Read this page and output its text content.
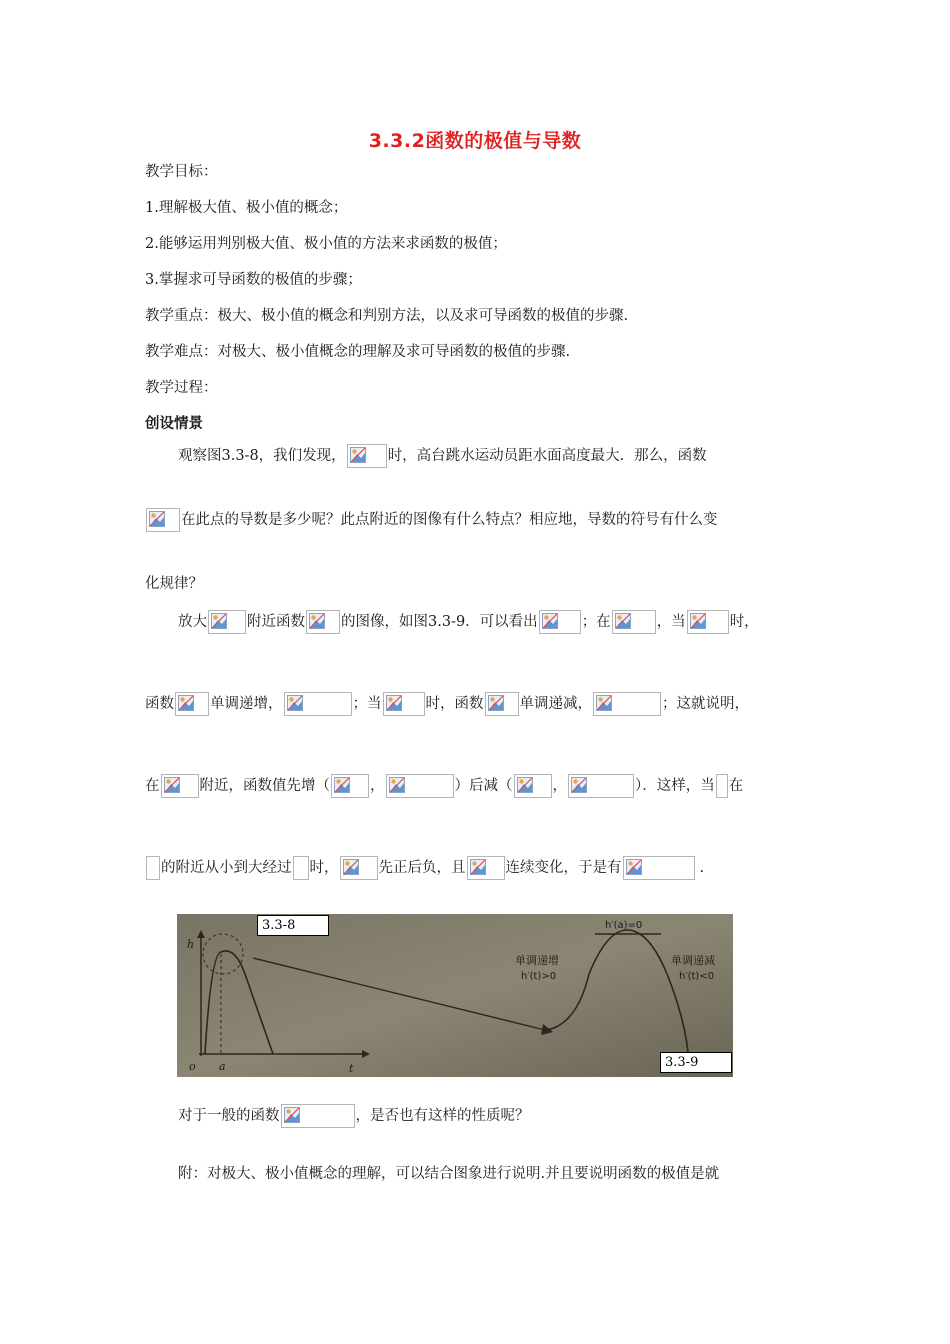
3.3.2函数的极值与导数
教学目标：
1.理解极大值、极小值的概念；
2.能够运用判别极大值、极小值的方法来求函数的极值；
3.掌握求可导函数的极值的步骤；
教学重点：极大、极小值的概念和判别方法，以及求可导函数的极值的步骤.
教学难点：对极大、极小值概念的理解及求可导函数的极值的步骤.
教学过程：
创设情景
观察图3.3-8，我们发现，	时，高台跳水运动员距水面高度最大．那么，函数
在此点的导数是多少呢？此点附近的图像有什么特点？相应地，导数的符号有什么变
化规律？
放大	附近函数 的图像，如图3.3-9．可以看出	；在	，当	时，
函数 单调递增，	；当	时，函数 单调递减，	；这就说明，
在	附近，函数值先增（	，	）后减（	，	）．这样，当 在
的附近从小到大经过 时，	先正后负，且	连续变化，于是有	.
h
t
o a
h′(a)=0
单调递增
h′(t)>0
单调递减
h′(t)<0
3.3-8
3.3-9
对于一般的函数	，是否也有这样的性质呢？
附：对极大、极小值概念的理解，可以结合图象进行说明.并且要说明函数的极值是就
